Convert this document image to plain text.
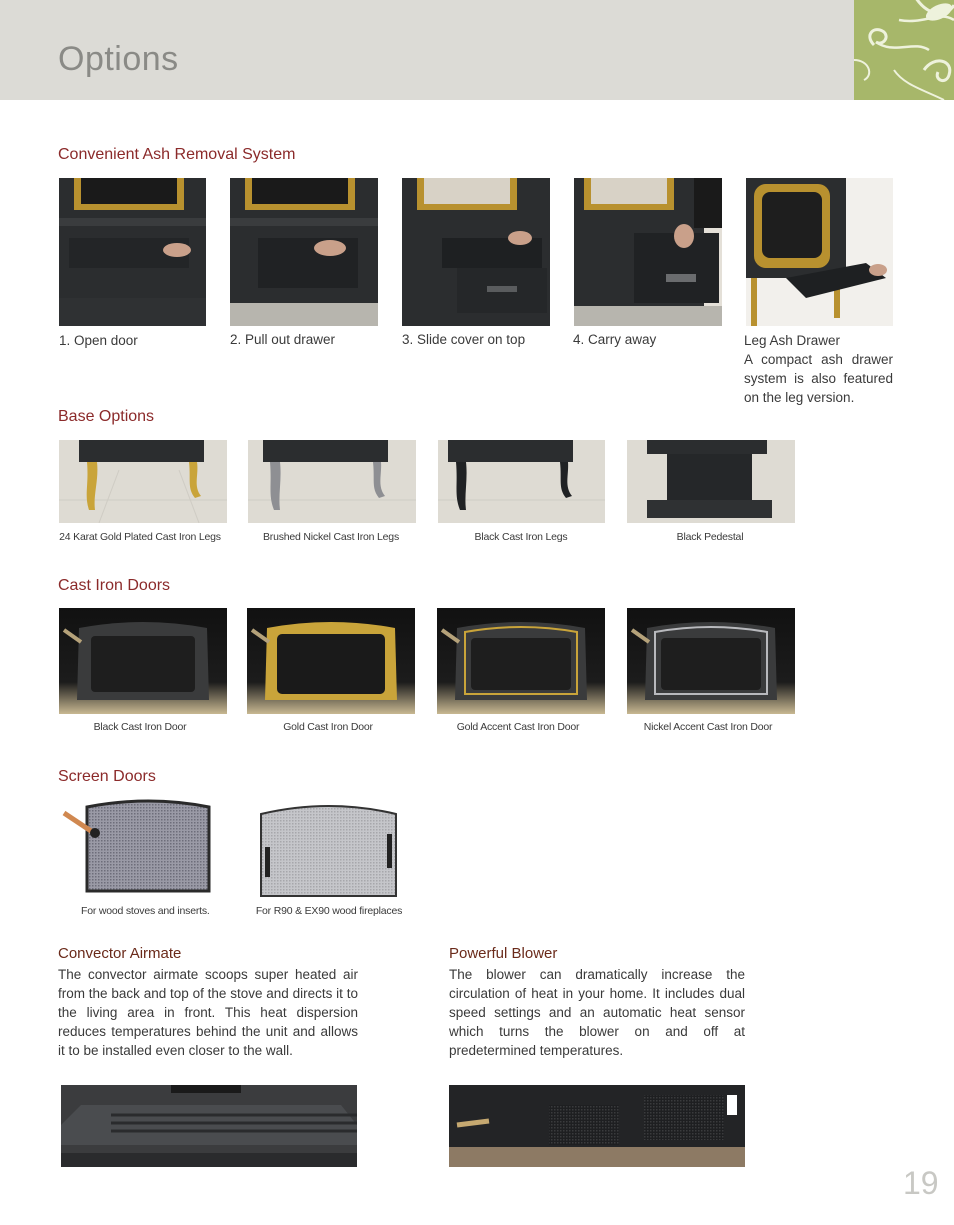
Options
Convenient Ash Removal System
1. Open door	2. Pull out drawer	3. Slide cover on top	4. Carry away	Leg Ash Drawer

A compact ash drawer system is also featured on the leg version.

Base Options
24 Karat Gold Plated Cast Iron Legs	Brushed Nickel Cast Iron Legs	Black Cast Iron Legs	Black Pedestal
Cast Iron Doors
Black Cast Iron Door	Gold Cast Iron Door	Gold Accent Cast Iron Door	Nickel Accent Cast Iron Door
Screen Doors
For wood stoves and inserts.	For R90 & EX90 wood fireplaces
Convector Airmate

The convector airmate scoops super heated air from the back and top of the stove and directs it to the living area in front. This heat dispersion reduces temperatures behind the unit and allows it to be installed even closer to the wall.

Powerful Blower

The blower can dramatically increase the circulation of heat in your home. It includes dual speed settings and an automatic heat sensor which turns the blower on and off at predetermined temperatures.

19
